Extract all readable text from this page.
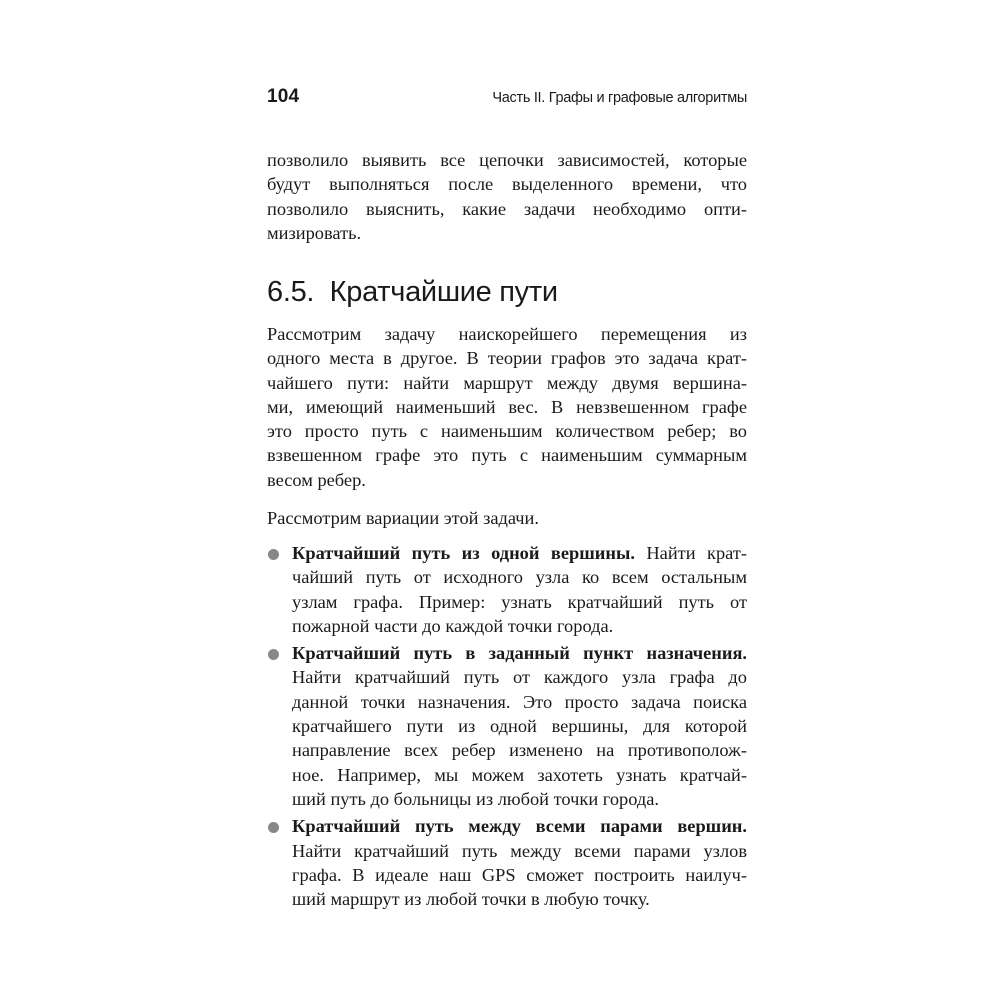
104	Часть II. Графы и графовые алгоритмы
позволило выявить все цепочки зависимостей, которые
будут выполняться после выделенного времени, что
позволило выяснить, какие задачи необходимо опти-
мизировать.
6.5.  Кратчайшие пути
Рассмотрим задачу наискорейшего перемещения из
одного места в другое. В теории графов это задача крат-
чайшего пути: найти маршрут между двумя вершина-
ми, имеющий наименьший вес. В невзвешенном графе
это просто путь с наименьшим количеством ребер; во
взвешенном графе это путь с наименьшим суммарным
весом ребер.
Рассмотрим вариации этой задачи.
Кратчайший путь из одной вершины. Найти крат-
чайший путь от исходного узла ко всем остальным
узлам графа. Пример: узнать кратчайший путь от
пожарной части до каждой точки города.
Кратчайший путь в заданный пункт назначения.
Найти кратчайший путь от каждого узла графа до
данной точки назначения. Это просто задача поиска
кратчайшего пути из одной вершины, для которой
направление всех ребер изменено на противополож-
ное. Например, мы можем захотеть узнать кратчай-
ший путь до больницы из любой точки города.
Кратчайший путь между всеми парами вершин.
Найти кратчайший путь между всеми парами узлов
графа. В идеале наш GPS сможет построить наилуч-
ший маршрут из любой точки в любую точку.
